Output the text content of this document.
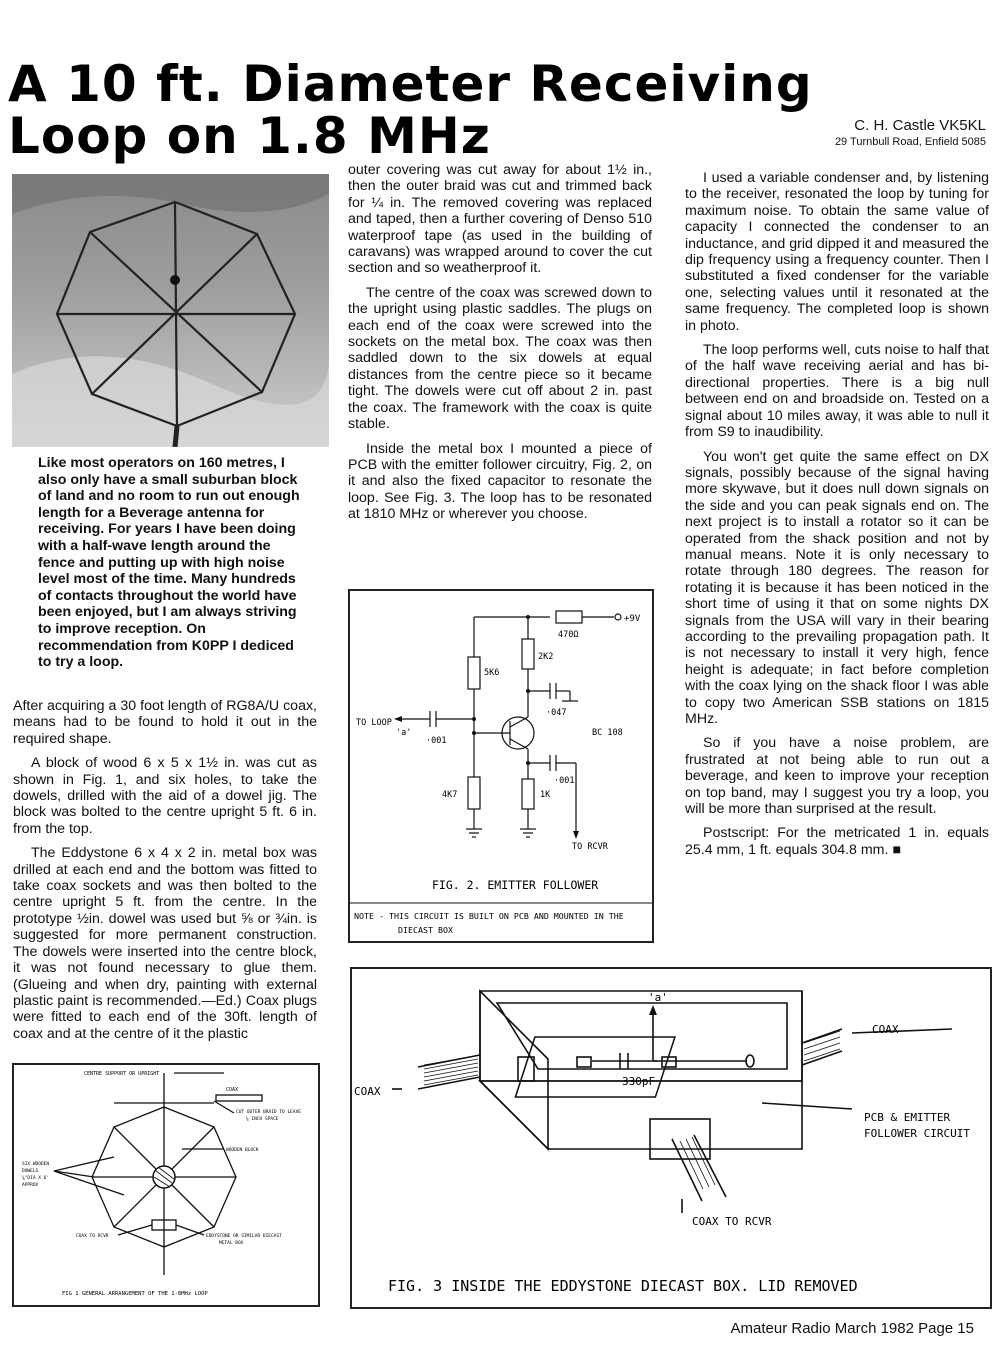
A 10 ft. Diameter Receiving
Loop on 1.8 MHz	C. H. Castle VK5KL
29 Turnbull Road, Enfield 5085
Like most operators on 160 metres, I also only have a small suburban block of land and no room to run out enough length for a Beverage antenna for receiving. For years I have been doing with a half-wave length around the fence and putting up with high noise level most of the time. Many hundreds of contacts throughout the world have been enjoyed, but I am always striving to improve reception. On recommendation from K0PP I dediced to try a loop.

After acquiring a 30 foot length of RG8A/U coax, means had to be found to hold it out in the required shape.

A block of wood 6 x 5 x 1½ in. was cut as shown in Fig. 1, and six holes, to take the dowels, drilled with the aid of a dowel jig. The block was bolted to the centre upright 5 ft. 6 in. from the top.

The Eddystone 6 x 4 x 2 in. metal box was drilled at each end and the bottom was fitted to take coax sockets and was then bolted to the centre upright 5 ft. from the centre. In the prototype ½in. dowel was used but ⅝ or ¾in. is suggested for more permanent construction. The dowels were inserted into the centre block, it was not found necessary to glue them. (Glueing and when dry, painting with external plastic paint is recommended.—Ed.) Coax plugs were fitted to each end of the 30ft. length of coax and at the centre of it the plastic

CENTRE SUPPORT OR UPRIGHT
COAX
CUT OUTER BRAID TO LEAVE
¼ INCH SPACE
WOODEN BLOCK
SIX WOODEN
DOWELS
⅝"DIA X 6'
APPROX
COAX TO RCVR	EDDYSTONE OR SIMILAR DIECAST
METAL BOX
FIG 1 GENERAL ARRANGEMENT OF THE 1·8MHz LOOP

outer covering was cut away for about 1½ in., then the outer braid was cut and trimmed back for ¼ in. The removed covering was replaced and taped, then a further covering of Denso 510 waterproof tape (as used in the building of caravans) was wrapped around to cover the cut section and so weatherproof it.

The centre of the coax was screwed down to the upright using plastic saddles. The plugs on each end of the coax were screwed into the sockets on the metal box. The coax was then saddled down to the six dowels at equal distances from the centre piece so it became tight. The dowels were cut off about 2 in. past the coax. The framework with the coax is quite stable.

Inside the metal box I mounted a piece of PCB with the emitter follower circuitry, Fig. 2, on it and also the fixed capacitor to resonate the loop. See Fig. 3. The loop has to be resonated at 1810 MHz or wherever you choose.

+9V
470Ω
5K6
2K2
·047
TO LOOP
'a'
·001
BC 108
·001
4K7	1K
TO RCVR
FIG. 2. EMITTER FOLLOWER
NOTE - THIS CIRCUIT IS BUILT ON PCB AND MOUNTED IN THE
DIECAST BOX

I used a variable condenser and, by listening to the receiver, resonated the loop by tuning for maximum noise. To obtain the same value of capacity I connected the condenser to an inductance, and grid dipped it and measured the dip frequency using a frequency counter. Then I substituted a fixed condenser for the variable one, selecting values until it resonated at the same frequency. The completed loop is shown in photo.

The loop performs well, cuts noise to half that of the half wave receiving aerial and has bi-directional properties. There is a big null between end on and broadside on. Tested on a signal about 10 miles away, it was able to null it from S9 to inaudibility.

You won't get quite the same effect on DX signals, possibly because of the signal having more skywave, but it does null down signals on the side and you can peak signals end on. The next project is to install a rotator so it can be operated from the shack position and not by manual means. Note it is only necessary to rotate through 180 degrees. The reason for rotating it is because it has been noticed in the short time of using it that on some nights DX signals from the USA will vary in their bearing according to the prevailing propagation path. It is not necessary to install it very high, fence height is adequate; in fact before completion with the coax lying on the shack floor I was able to copy two American SSB stations on 1815 MHz.

So if you have a noise problem, are frustrated at not being able to run out a beverage, and keen to improve your reception on top band, may I suggest you try a loop, you will be more than surprised at the result.

Postscript: For the metricated 1 in. equals 25.4 mm, 1 ft. equals 304.8 mm. ■

'a'
COAX
COAX
330pF
PCB & EMITTER
FOLLOWER CIRCUIT
COAX TO RCVR
FIG. 3 INSIDE THE EDDYSTONE DIECAST BOX. LID REMOVED
Amateur Radio March 1982 Page 15
